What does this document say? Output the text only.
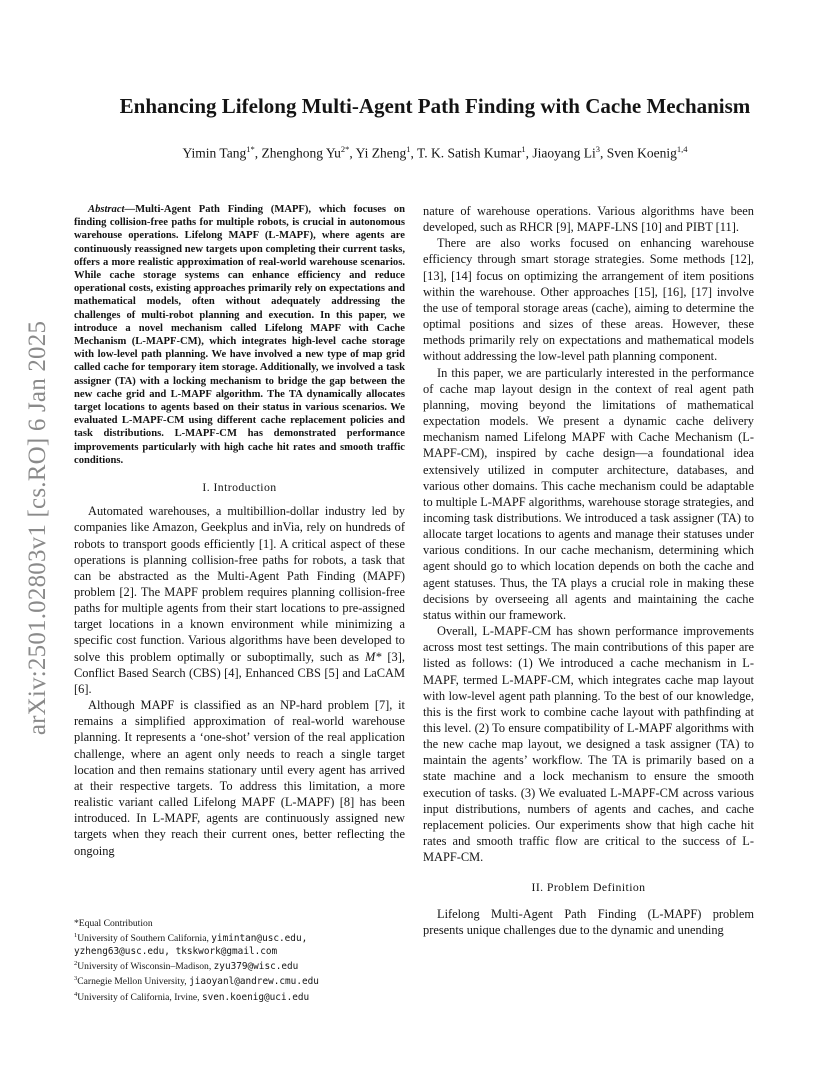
arXiv:2501.02803v1 [cs.RO] 6 Jan 2025
Enhancing Lifelong Multi-Agent Path Finding with Cache Mechanism

Yimin Tang$^{1*}$, Zhenghong $Yu^{2*}$, Yi Zheng$^1$, T. K. Satish Kumar$^1$, Jiaoyang Li$^3$, Sven Koenig$^{1,4}$

Abstract—Multi-Agent Path Finding (MAPF), which focuses on finding collision-free paths for multiple robots, is crucial in autonomous warehouse operations. Lifelong MAPF (L-MAPF), where agents are continuously reassigned new targets upon completing their current tasks, offers a more realistic approximation of real-world warehouse scenarios. While cache storage systems can enhance efficiency and reduce operational costs, existing approaches primarily rely on expectations and mathematical models, often without adequately addressing the challenges of multi-robot planning and execution. In this paper, we introduce a novel mechanism called Lifelong MAPF with Cache Mechanism (L-MAPF-CM), which integrates high-level cache storage with low-level path planning. We have involved a new type of map grid called cache for temporary item storage. Additionally, we involved a task assigner (TA) with a locking mechanism to bridge the gap between the new cache grid and L-MAPF algorithm. The TA dynamically allocates target locations to agents based on their status in various scenarios. We evaluated L-MAPF-CM using different cache replacement policies and task distributions. L-MAPF-CM has demonstrated performance improvements particularly with high cache hit rates and smooth traffic conditions.

I. Introduction

Automated warehouses, a multibillion-dollar industry led by companies like Amazon, Geekplus and inVia, rely on hundreds of robots to transport goods efficiently [1]. A critical aspect of these operations is planning collision-free paths for robots, a task that can be abstracted as the Multi-Agent Path Finding (MAPF) problem [2]. The MAPF problem requires planning collision-free paths for multiple agents from their start locations to pre-assigned target locations in a known environment while minimizing a specific cost function. Various algorithms have been developed to solve this problem optimally or suboptimally, such as M* [3], Conflict Based Search (CBS) [4], Enhanced CBS [5] and LaCAM [6].

Although MAPF is classified as an NP-hard problem [7], it remains a simplified approximation of real-world warehouse planning. It represents a ‘one-shot’ version of the real application challenge, where an agent only needs to reach a single target location and then remains stationary until every agent has arrived at their respective targets. To address this limitation, a more realistic variant called Lifelong MAPF (L-MAPF) [8] has been introduced. In L-MAPF, agents are continuously assigned new targets when they reach their current ones, better reflecting the ongoing

nature of warehouse operations. Various algorithms have been developed, such as RHCR [9], MAPF-LNS [10] and PIBT [11].

There are also works focused on enhancing warehouse efficiency through smart storage strategies. Some methods [12], [13], [14] focus on optimizing the arrangement of item positions within the warehouse. Other approaches [15], [16], [17] involve the use of temporal storage areas (cache), aiming to determine the optimal positions and sizes of these areas. However, these methods primarily rely on expectations and mathematical models without addressing the low-level path planning component.

In this paper, we are particularly interested in the performance of cache map layout design in the context of real agent path planning, moving beyond the limitations of mathematical expectation models. We present a dynamic cache delivery mechanism named Lifelong MAPF with Cache Mechanism (L-MAPF-CM), inspired by cache design—a foundational idea extensively utilized in computer architecture, databases, and various other domains. This cache mechanism could be adaptable to multiple L-MAPF algorithms, warehouse storage strategies, and incoming task distributions. We introduced a task assigner (TA) to allocate target locations to agents and manage their statuses under various conditions. In our cache mechanism, determining which agent should go to which location depends on both the cache and agent statuses. Thus, the TA plays a crucial role in making these decisions by overseeing all agents and maintaining the cache status within our framework.

Overall, L-MAPF-CM has shown performance improvements across most test settings. The main contributions of this paper are listed as follows: (1) We introduced a cache mechanism in L-MAPF, termed L-MAPF-CM, which integrates cache map layout with low-level agent path planning. To the best of our knowledge, this is the first work to combine cache layout with pathfinding at this level. (2) To ensure compatibility of L-MAPF algorithms with the new cache map layout, we designed a task assigner (TA) to maintain the agents’ workflow. The TA is primarily based on a state machine and a lock mechanism to ensure the smooth execution of tasks. (3) We evaluated L-MAPF-CM across various input distributions, numbers of agents and caches, and cache replacement policies. Our experiments show that high cache hit rates and smooth traffic flow are critical to the success of L-MAPF-CM.

II. Problem Definition

Lifelong Multi-Agent Path Finding (L-MAPF) problem presents unique challenges due to the dynamic and unending

*Equal Contribution
$^1$University of Southern California, yimintan@usc.edu,
yzheng63@usc.edu, tkskwork@gmail.com
$^2$University of Wisconsin–Madison, zyu379@wisc.edu
$^3$Carnegie Mellon University, jiaoyanl@andrew.cmu.edu
$^4$University of California, Irvine, sven.koenig@uci.edu
